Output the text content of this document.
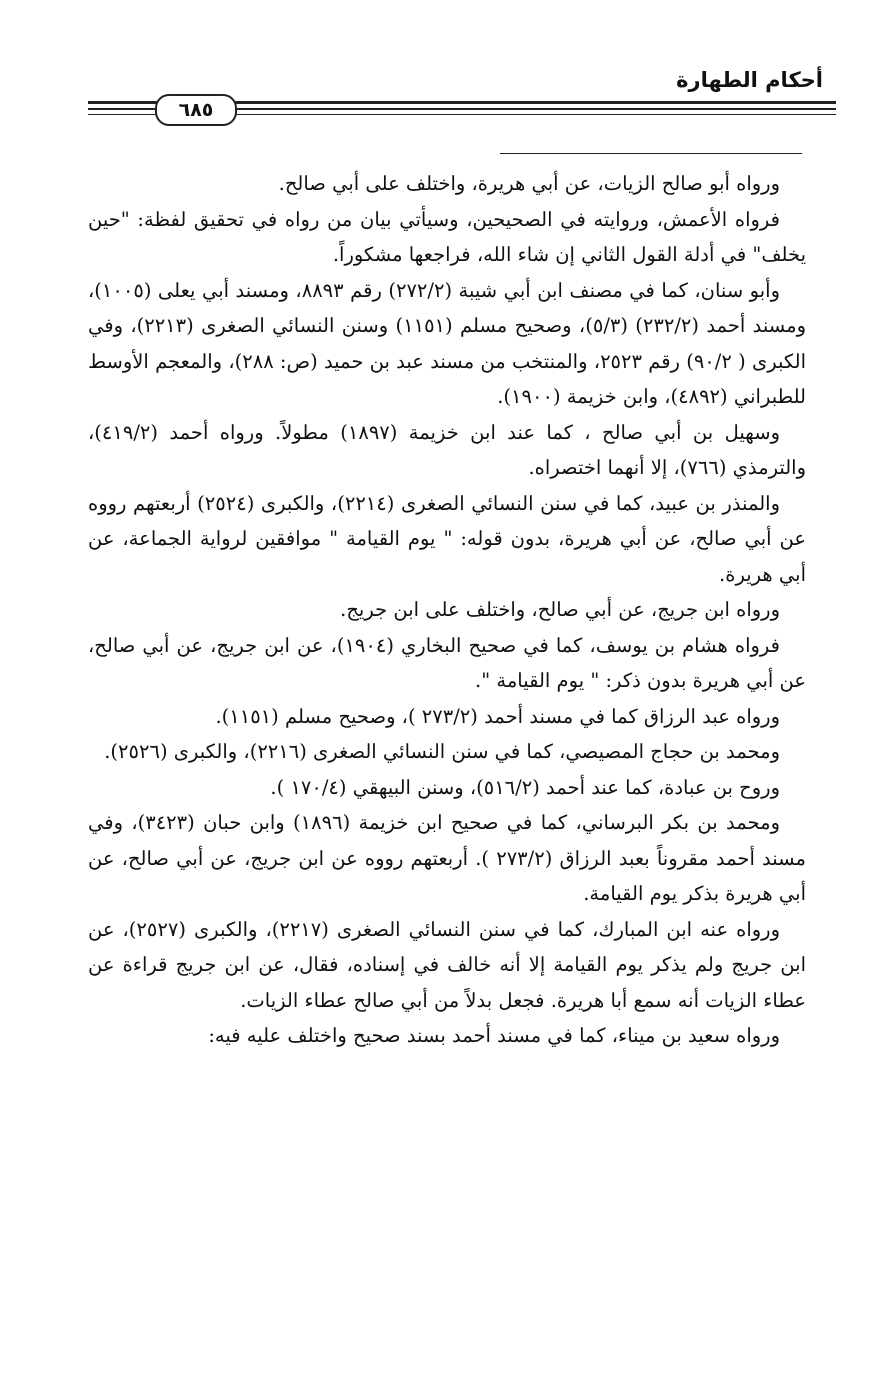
أحكام الطهارة
٦٨٥

ورواه أبو صالح الزيات، عن أبي هريرة، واختلف على أبي صالح.

فرواه الأعمش، وروايته في الصحيحين، وسيأتي بيان من رواه في تحقيق لفظة: "حين يخلف" في أدلة القول الثاني إن شاء الله، فراجعها مشكوراً.

وأبو سنان، كما في مصنف ابن أبي شيبة (٢٧٢/٢) رقم ٨٨٩٣، ومسند أبي يعلى (١٠٠٥)، ومسند أحمد (٢٣٢/٢) (٥/٣)، وصحيح مسلم (١١٥١) وسنن النسائي الصغرى (٢٢١٣)، وفي الكبرى ( ٩٠/٢) رقم ٢٥٢٣، والمنتخب من مسند عبد بن حميد (ص: ٢٨٨)، والمعجم الأوسط للطبراني (٤٨٩٢)، وابن خزيمة (١٩٠٠).

وسهيل بن أبي صالح ، كما عند ابن خزيمة (١٨٩٧) مطولاً. ورواه أحمد (٤١٩/٢)، والترمذي (٧٦٦)، إلا أنهما اختصراه.

والمنذر بن عبيد، كما في سنن النسائي الصغرى (٢٢١٤)، والكبرى (٢٥٢٤) أربعتهم رووه عن أبي صالح، عن أبي هريرة، بدون قوله: " يوم القيامة " موافقين لرواية الجماعة، عن أبي هريرة.

ورواه ابن جريج، عن أبي صالح، واختلف على ابن جريج.

فرواه هشام بن يوسف، كما في صحيح البخاري (١٩٠٤)، عن ابن جريج، عن أبي صالح، عن أبي هريرة بدون ذكر: " يوم القيامة ".

ورواه عبد الرزاق كما في مسند أحمد (٢٧٣/٢ )، وصحيح مسلم (١١٥١).

ومحمد بن حجاج المصيصي، كما في سنن النسائي الصغرى (٢٢١٦)، والكبرى (٢٥٢٦).

وروح بن عبادة، كما عند أحمد (٥١٦/٢)، وسنن البيهقي (١٧٠/٤ ).

ومحمد بن بكر البرساني، كما في صحيح ابن خزيمة (١٨٩٦) وابن حبان (٣٤٢٣)، وفي مسند أحمد مقروناً بعبد الرزاق (٢٧٣/٢ ). أربعتهم رووه عن ابن جريج، عن أبي صالح، عن أبي هريرة بذكر يوم القيامة.

ورواه عنه ابن المبارك، كما في سنن النسائي الصغرى (٢٢١٧)، والكبرى (٢٥٢٧)، عن ابن جريج ولم يذكر يوم القيامة إلا أنه خالف في إسناده، فقال، عن ابن جريج قراءة عن عطاء الزيات أنه سمع أبا هريرة. فجعل بدلاً من أبي صالح عطاء الزيات.

ورواه سعيد بن ميناء، كما في مسند أحمد بسند صحيح واختلف عليه فيه:
